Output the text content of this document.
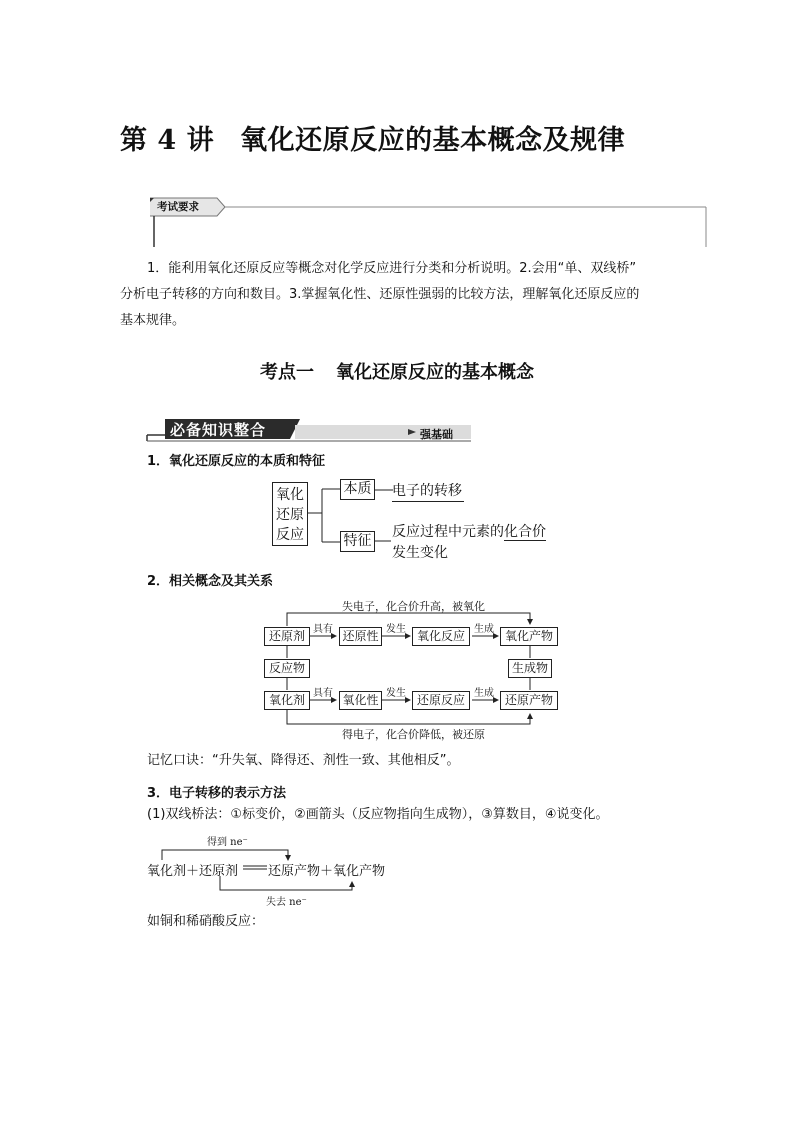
第 4 讲 氧化还原反应的基本概念及规律
考试要求
1．能利用氧化还原反应等概念对化学反应进行分类和分析说明。2.会用“单、双线桥”
分析电子转移的方向和数目。3.掌握氧化性、还原性强弱的比较方法，理解氧化还原反应的
基本规律。
考点一 氧化还原反应的基本概念
必备知识整合	强基础
1．氧化还原反应的本质和特征
氧化
还原
反应
本质 电子的转移
特征
反应过程中元素的化合价
发生变化
2．相关概念及其关系
失电子，化合价升高，被氧化
得电子，化合价降低，被还原
还原剂	还原性	氧化反应	氧化产物
反应物	生成物
氧化剂	氧化性	还原反应	还原产物
具有	发生	生成
具有	发生	生成
记忆口诀：“升失氧、降得还、剂性一致、其他相反”。
3．电子转移的表示方法
(1)双线桥法：①标变价，②画箭头（反应物指向生成物），③算数目，④说变化。
得到 ne⁻
失去 ne⁻
氧化剂＋还原剂 还原产物＋氧化产物
如铜和稀硝酸反应：
